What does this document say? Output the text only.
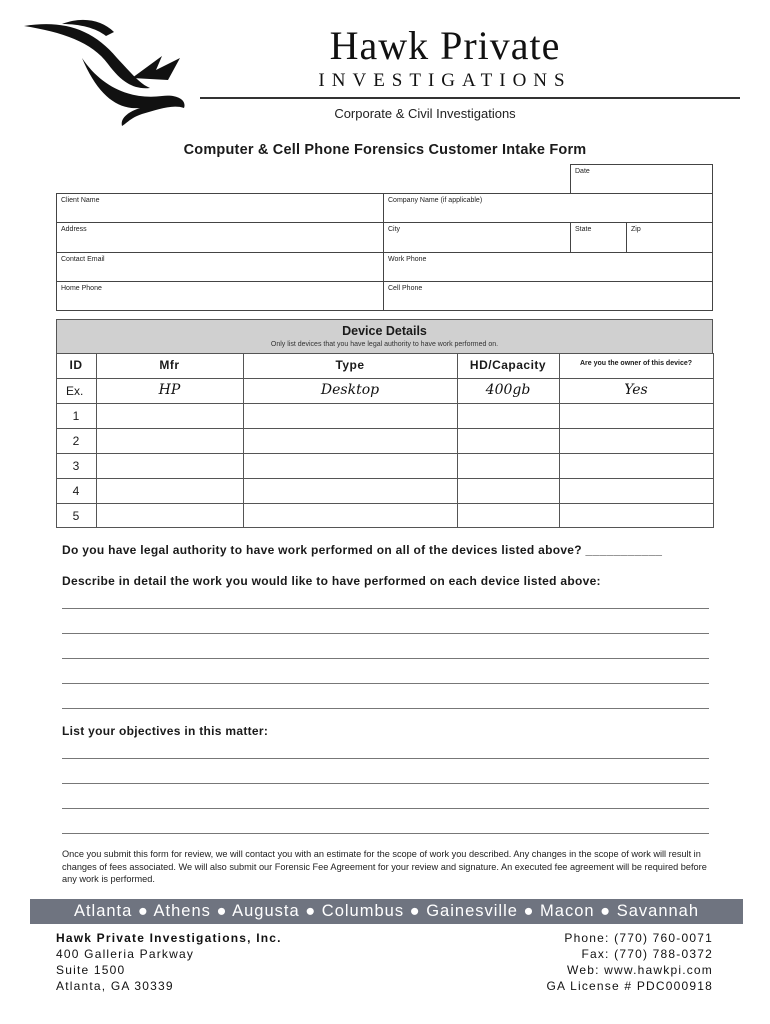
Hawk Private
INVESTIGATIONS
Corporate & Civil Investigations
Computer & Cell Phone Forensics Customer Intake Form
Date
Client Name	Company Name (if applicable)
Address	City	State	Zip
Contact Email	Work Phone
Home Phone	Cell Phone
Device Details
Only list devices that you have legal authority to have work performed on.
ID	Mfr	Type	HD/Capacity	Are you the owner of this device?
Ex.	HP	Desktop	400gb	Yes
1
2
3
4
5
Do you have legal authority to have work performed on all of the devices listed above? ___________
Describe in detail the work you would like to have performed on each device listed above:
List your objectives in this matter:
Once you submit this form for review, we will contact you with an estimate for the scope of work you described. Any changes in the scope of work will result in changes of fees associated. We will also submit our Forensic Fee Agreement for your review and signature. An executed fee agreement will be required before any work is performed.
Atlanta ● Athens ● Augusta ● Columbus ● Gainesville ● Macon ● Savannah
Hawk Private Investigations, Inc.
400 Galleria Parkway
Suite 1500
Atlanta, GA 30339
Phone: (770) 760-0071
Fax: (770) 788-0372
Web: www.hawkpi.com
GA License # PDC000918
